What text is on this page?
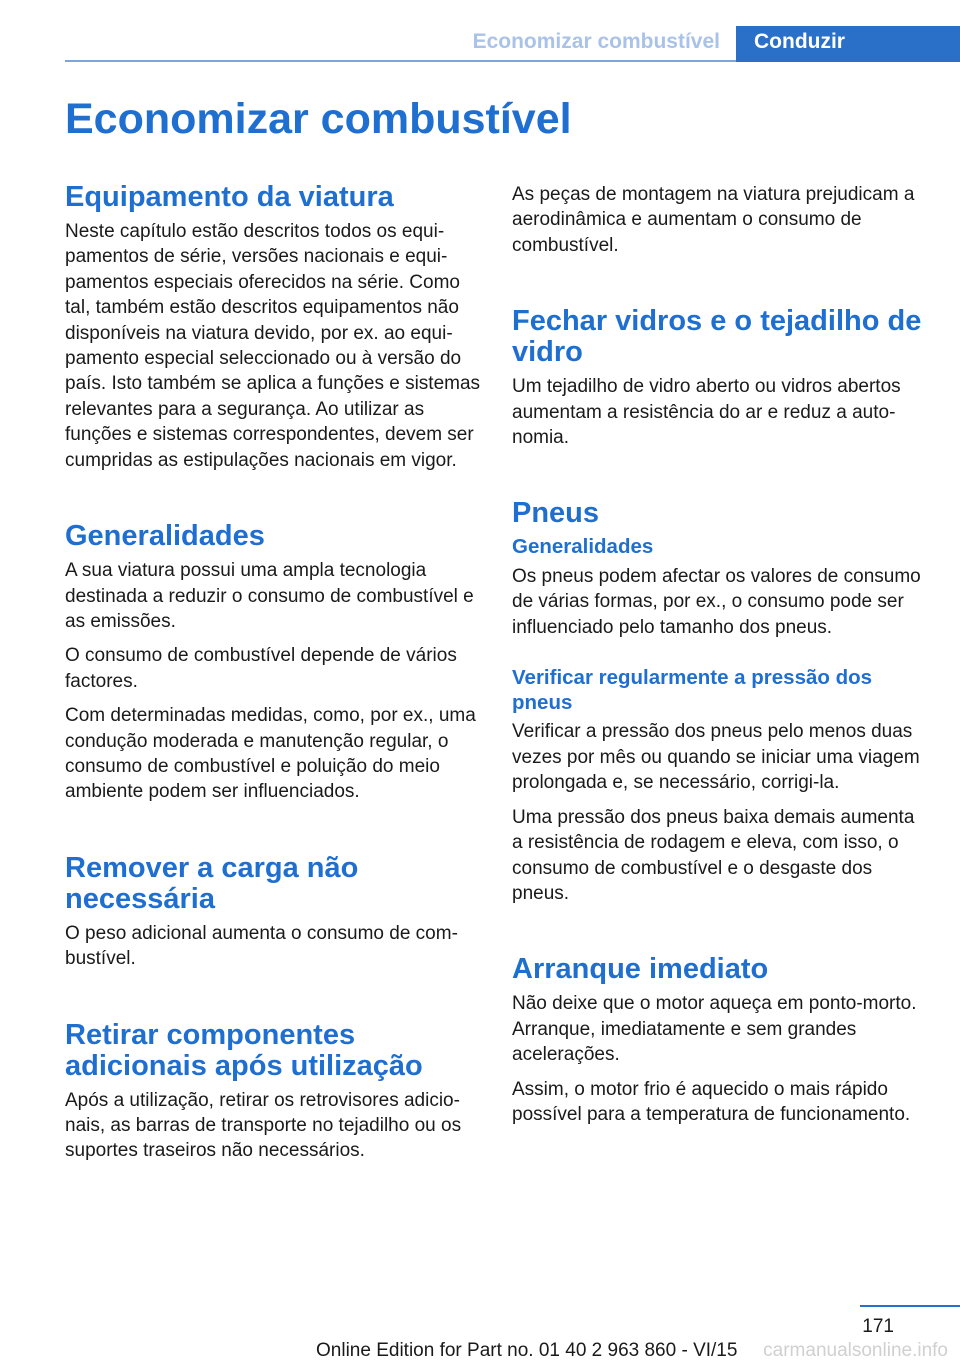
Economizar combustível	Conduzir
Economizar combustível
Equipamento da viatura

Neste capítulo estão descritos todos os equipamentos de série, versões nacionais e equipamentos especiais oferecidos na série. Como tal, também estão descritos equipamentos não disponíveis na viatura devido, por ex. ao equipamento especial seleccionado ou à versão do país. Isto também se aplica a funções e sistemas relevantes para a segurança. Ao utilizar as funções e sistemas correspondentes, devem ser cumpridas as estipulações nacionais em vigor.

Generalidades

A sua viatura possui uma ampla tecnologia destinada a reduzir o consumo de combustível e as emissões.

O consumo de combustível depende de vários factores.

Com determinadas medidas, como, por ex., uma condução moderada e manutenção regular, o consumo de combustível e poluição do meio ambiente podem ser influenciados.

Remover a carga não necessária

O peso adicional aumenta o consumo de combustível.

Retirar componentes adicionais após utilização

Após a utilização, retirar os retrovisores adicionais, as barras de transporte no tejadilho ou os suportes traseiros não necessários.

As peças de montagem na viatura prejudicam a aerodinâmica e aumentam o consumo de combustível.

Fechar vidros e o tejadilho de vidro

Um tejadilho de vidro aberto ou vidros abertos aumentam a resistência do ar e reduz a autonomia.

Pneus
Generalidades

Os pneus podem afectar os valores de consumo de várias formas, por ex., o consumo pode ser influenciado pelo tamanho dos pneus.

Verificar regularmente a pressão dos pneus

Verificar a pressão dos pneus pelo menos duas vezes por mês ou quando se iniciar uma viagem prolongada e, se necessário, corrigi-la.

Uma pressão dos pneus baixa demais aumenta a resistência de rodagem e eleva, com isso, o consumo de combustível e o desgaste dos pneus.

Arranque imediato

Não deixe que o motor aqueça em ponto-morto. Arranque, imediatamente e sem grandes acelerações.

Assim, o motor frio é aquecido o mais rápido possível para a temperatura de funcionamento.

171
Online Edition for Part no. 01 40 2 963 860 - VI/15 carmanualsonline.info
